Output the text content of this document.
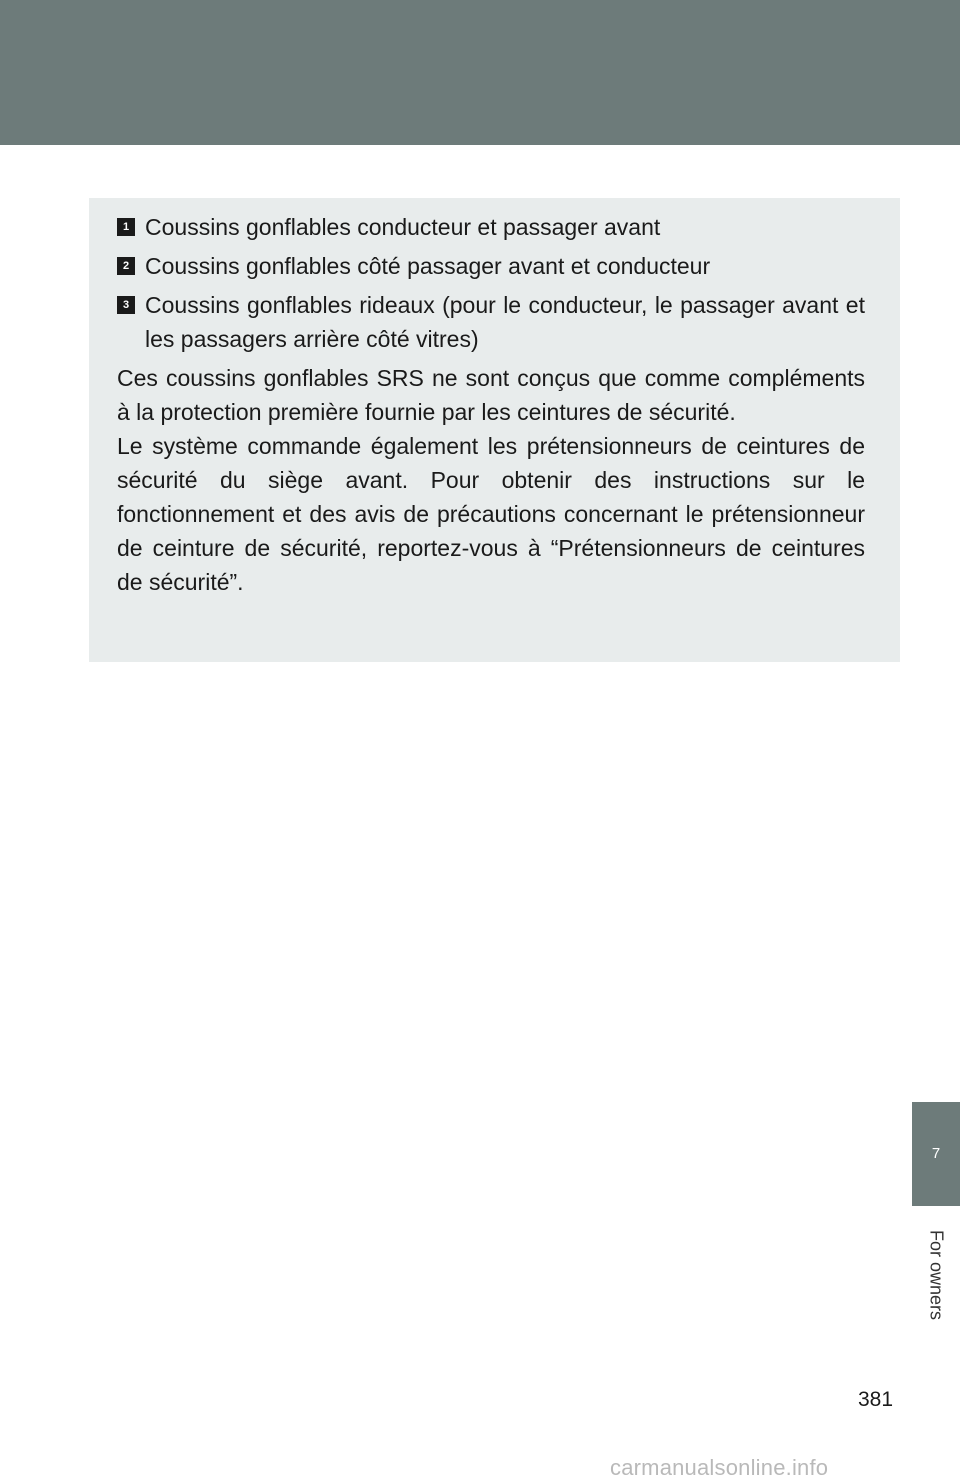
1 Coussins gonflables conducteur et passager avant
2 Coussins gonflables côté passager avant et conducteur
3 Coussins gonflables rideaux (pour le conducteur, le passager avant et les passagers arrière côté vitres)

Ces coussins gonflables SRS ne sont conçus que comme compléments à la protection première fournie par les ceintures de sécurité.

Le système commande également les prétensionneurs de ceintures de sécurité du siège avant. Pour obtenir des instructions sur le fonctionnement et des avis de précautions concernant le prétensionneur de ceinture de sécurité, reportez-vous à “Prétensionneurs de ceintures de sécurité”.

7
For owners
381
carmanualsonline.info
